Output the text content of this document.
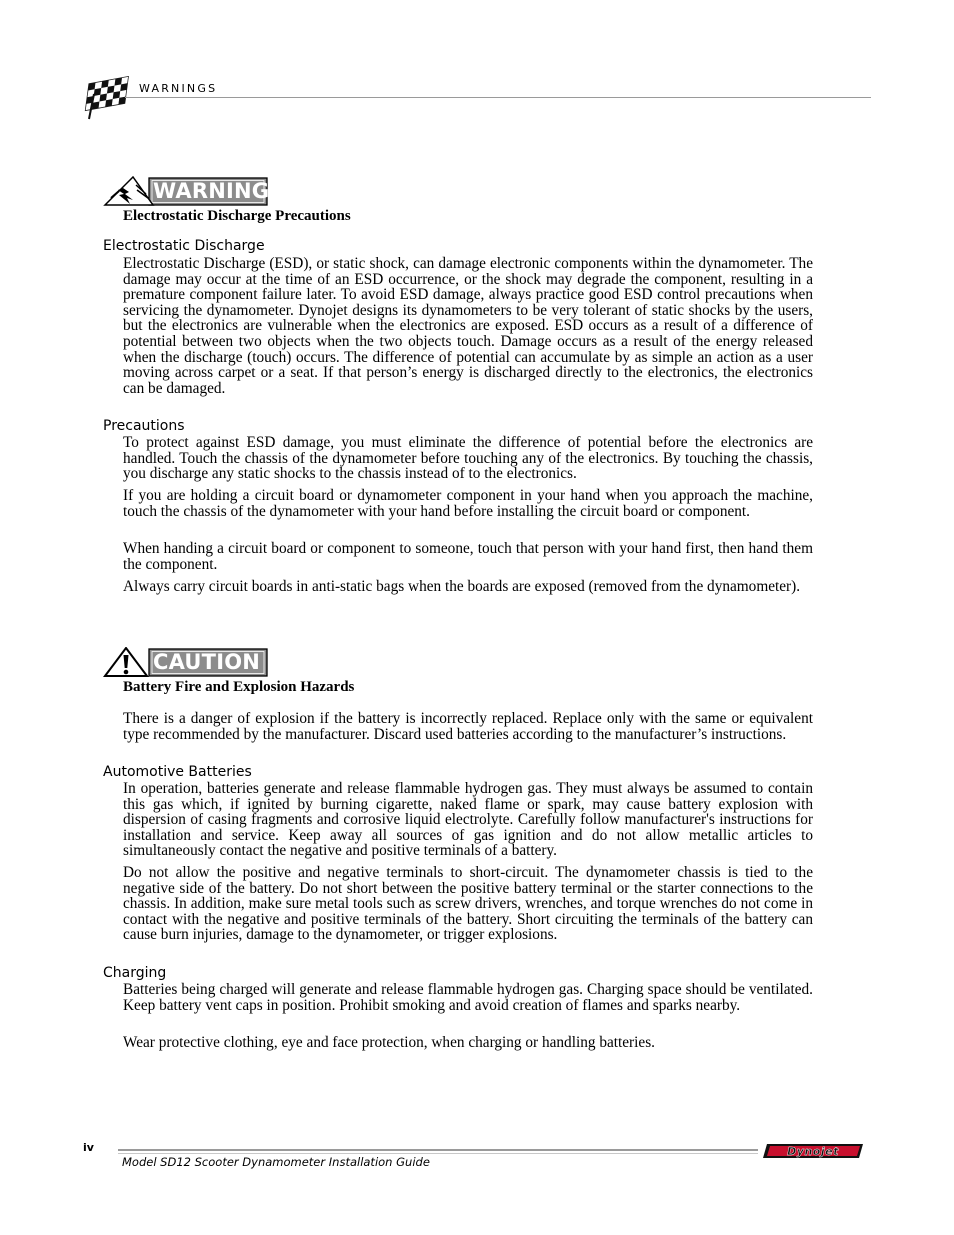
WARNINGS
WARNING
Electrostatic Discharge Precautions
Electrostatic Discharge
Electrostatic Discharge (ESD), or static shock, can damage electronic components within the dynamometer. The damage may occur at the time of an ESD occurrence, or the shock may degrade the component, resulting in a premature component failure later. To avoid ESD damage, always practice good ESD control precautions when servicing the dynamometer. Dynojet designs its dynamometers to be very tolerant of static shocks by the users, but the electronics are vulnerable when the electronics are exposed. ESD occurs as a result of a difference of potential between two objects when the two objects touch. Damage occurs as a result of the energy released when the discharge (touch) occurs. The difference of potential can accumulate by as simple an action as a user moving across carpet or a seat. If that person’s energy is discharged directly to the electronics, the electronics can be damaged.
Precautions
To protect against ESD damage, you must eliminate the difference of potential before the electronics are handled. Touch the chassis of the dynamometer before touching any of the electronics. By touching the chassis, you discharge any static shocks to the chassis instead of to the electronics.
If you are holding a circuit board or dynamometer component in your hand when you approach the machine, touch the chassis of the dynamometer with your hand before installing the circuit board or component.
When handing a circuit board or component to someone, touch that person with your hand first, then hand them the component.
Always carry circuit boards in anti-static bags when the boards are exposed (removed from the dynamometer).
CAUTION
Battery Fire and Explosion Hazards
There is a danger of explosion if the battery is incorrectly replaced. Replace only with the same or equivalent type recommended by the manufacturer. Discard used batteries according to the manufacturer’s instructions.
Automotive Batteries
In operation, batteries generate and release flammable hydrogen gas. They must always be assumed to contain this gas which, if ignited by burning cigarette, naked flame or spark, may cause battery explosion with dispersion of casing fragments and corrosive liquid electrolyte. Carefully follow manufacturer's instructions for installation and service. Keep away all sources of gas ignition and do not allow metallic articles to simultaneously contact the negative and positive terminals of a battery.
Do not allow the positive and negative terminals to short-circuit. The dynamometer chassis is tied to the negative side of the battery. Do not short between the positive battery terminal or the starter connections to the chassis. In addition, make sure metal tools such as screw drivers, wrenches, and torque wrenches do not come in contact with the negative and positive terminals of the battery. Short circuiting the terminals of the battery can cause burn injuries, damage to the dynamometer, or trigger explosions.
Charging
Batteries being charged will generate and release flammable hydrogen gas. Charging space should be ventilated. Keep battery vent caps in position. Prohibit smoking and avoid creation of flames and sparks nearby.
Wear protective clothing, eye and face protection, when charging or handling batteries.
iv
Model SD12 Scooter Dynamometer Installation Guide
Dynojet
